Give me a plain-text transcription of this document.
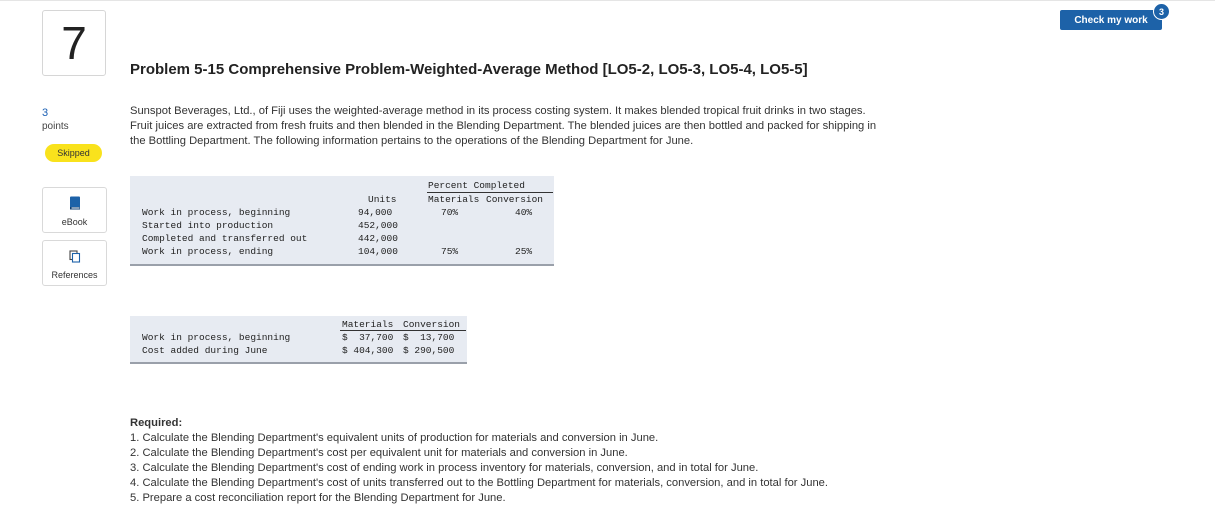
7
3
points
Skipped
eBook
References
Problem 5-15 Comprehensive Problem-Weighted-Average Method [LO5-2, LO5-3, LO5-4, LO5-5]
Sunspot Beverages, Ltd., of Fiji uses the weighted-average method in its process costing system. It makes blended tropical fruit drinks in two stages. Fruit juices are extracted from fresh fruits and then blended in the Blending Department. The blended juices are then bottled and packed for shipping in the Bottling Department. The following information pertains to the operations of the Blending Department for June.
Percent Completed
Units	Materials Conversion
Work in process, beginning	94,000	70%	40%
Started into production	452,000
Completed and transferred out	442,000
Work in process, ending	104,000	75%	25%
Materials Conversion
Work in process, beginning	$  37,700 $  13,700
Cost added during June	$ 404,300 $ 290,500
Required:
1. Calculate the Blending Department's equivalent units of production for materials and conversion in June.
2. Calculate the Blending Department's cost per equivalent unit for materials and conversion in June.
3. Calculate the Blending Department's cost of ending work in process inventory for materials, conversion, and in total for June.
4. Calculate the Blending Department's cost of units transferred out to the Bottling Department for materials, conversion, and in total for June.
5. Prepare a cost reconciliation report for the Blending Department for June.
Check my work
3
